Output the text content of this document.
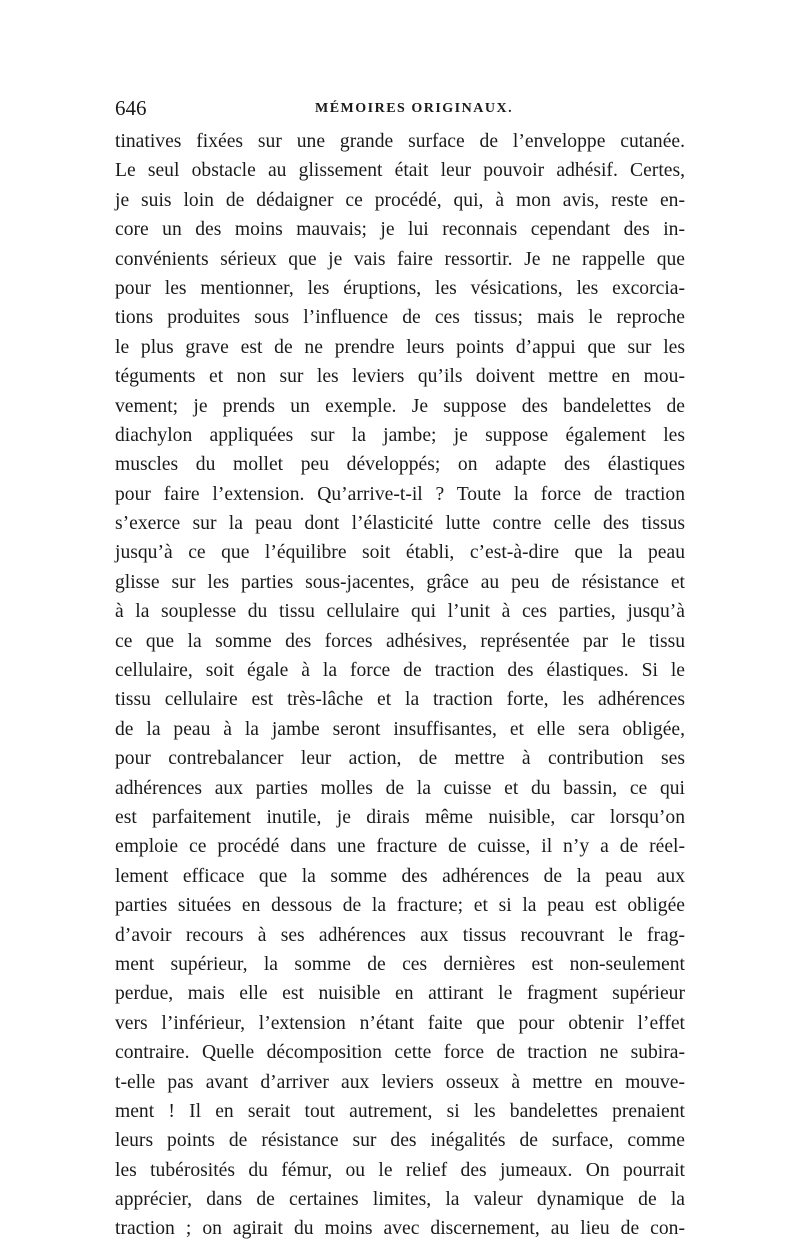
646	MÉMOIRES ORIGINAUX.
tinatives fixées sur une grande surface de l’enveloppe cutanée.
Le seul obstacle au glissement était leur pouvoir adhésif. Certes,
je suis loin de dédaigner ce procédé, qui, à mon avis, reste en-
core un des moins mauvais; je lui reconnais cependant des in-
convénients sérieux que je vais faire ressortir. Je ne rappelle que
pour les mentionner, les éruptions, les vésications, les excorcia-
tions produites sous l’influence de ces tissus; mais le reproche
le plus grave est de ne prendre leurs points d’appui que sur les
téguments et non sur les leviers qu’ils doivent mettre en mou-
vement; je prends un exemple. Je suppose des bandelettes de
diachylon appliquées sur la jambe; je suppose également les
muscles du mollet peu développés; on adapte des élastiques
pour faire l’extension. Qu’arrive-t-il ? Toute la force de traction
s’exerce sur la peau dont l’élasticité lutte contre celle des tissus
jusqu’à ce que l’équilibre soit établi, c’est-à-dire que la peau
glisse sur les parties sous-jacentes, grâce au peu de résistance et
à la souplesse du tissu cellulaire qui l’unit à ces parties, jusqu’à
ce que la somme des forces adhésives, représentée par le tissu
cellulaire, soit égale à la force de traction des élastiques. Si le
tissu cellulaire est très-lâche et la traction forte, les adhérences
de la peau à la jambe seront insuffisantes, et elle sera obligée,
pour contrebalancer leur action, de mettre à contribution ses
adhérences aux parties molles de la cuisse et du bassin, ce qui
est parfaitement inutile, je dirais même nuisible, car lorsqu’on
emploie ce procédé dans une fracture de cuisse, il n’y a de réel-
lement efficace que la somme des adhérences de la peau aux
parties situées en dessous de la fracture; et si la peau est obligée
d’avoir recours à ses adhérences aux tissus recouvrant le frag-
ment supérieur, la somme de ces dernières est non-seulement
perdue, mais elle est nuisible en attirant le fragment supérieur
vers l’inférieur, l’extension n’étant faite que pour obtenir l’effet
contraire. Quelle décomposition cette force de traction ne subira-
t-elle pas avant d’arriver aux leviers osseux à mettre en mouve-
ment ! Il en serait tout autrement, si les bandelettes prenaient
leurs points de résistance sur des inégalités de surface, comme
les tubérosités du fémur, ou le relief des jumeaux. On pourrait
apprécier, dans de certaines limites, la valeur dynamique de la
traction ; on agirait du moins avec discernement, au lieu de con-
